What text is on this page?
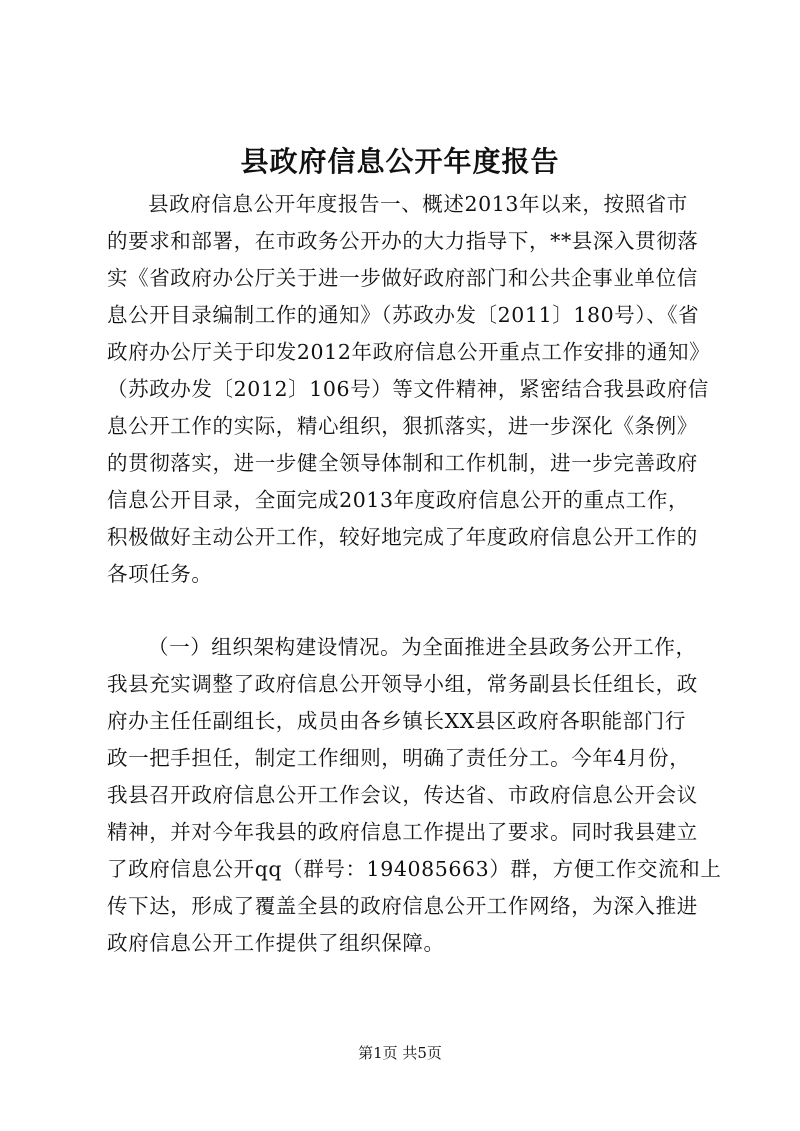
县政府信息公开年度报告
县政府信息公开年度报告一、概述2013年以来，按照省市
的要求和部署，在市政务公开办的大力指导下，**县深入贯彻落
实《省政府办公厅关于进一步做好政府部门和公共企事业单位信
息公开目录编制工作的通知》（苏政办发〔2011〕180号）、《省
政府办公厅关于印发2012年政府信息公开重点工作安排的通知》
（苏政办发〔2012〕106号）等文件精神，紧密结合我县政府信
息公开工作的实际，精心组织，狠抓落实，进一步深化《条例》
的贯彻落实，进一步健全领导体制和工作机制，进一步完善政府
信息公开目录，全面完成2013年度政府信息公开的重点工作，
积极做好主动公开工作，较好地完成了年度政府信息公开工作的
各项任务。
（一）组织架构建设情况。为全面推进全县政务公开工作，
我县充实调整了政府信息公开领导小组，常务副县长任组长，政
府办主任任副组长，成员由各乡镇长XX县区政府各职能部门行
政一把手担任，制定工作细则，明确了责任分工。今年4月份，
我县召开政府信息公开工作会议，传达省、市政府信息公开会议
精神，并对今年我县的政府信息工作提出了要求。同时我县建立
了政府信息公开qq（群号：194085663）群，方便工作交流和上
传下达，形成了覆盖全县的政府信息公开工作网络，为深入推进
政府信息公开工作提供了组织保障。
第1页 共5页
